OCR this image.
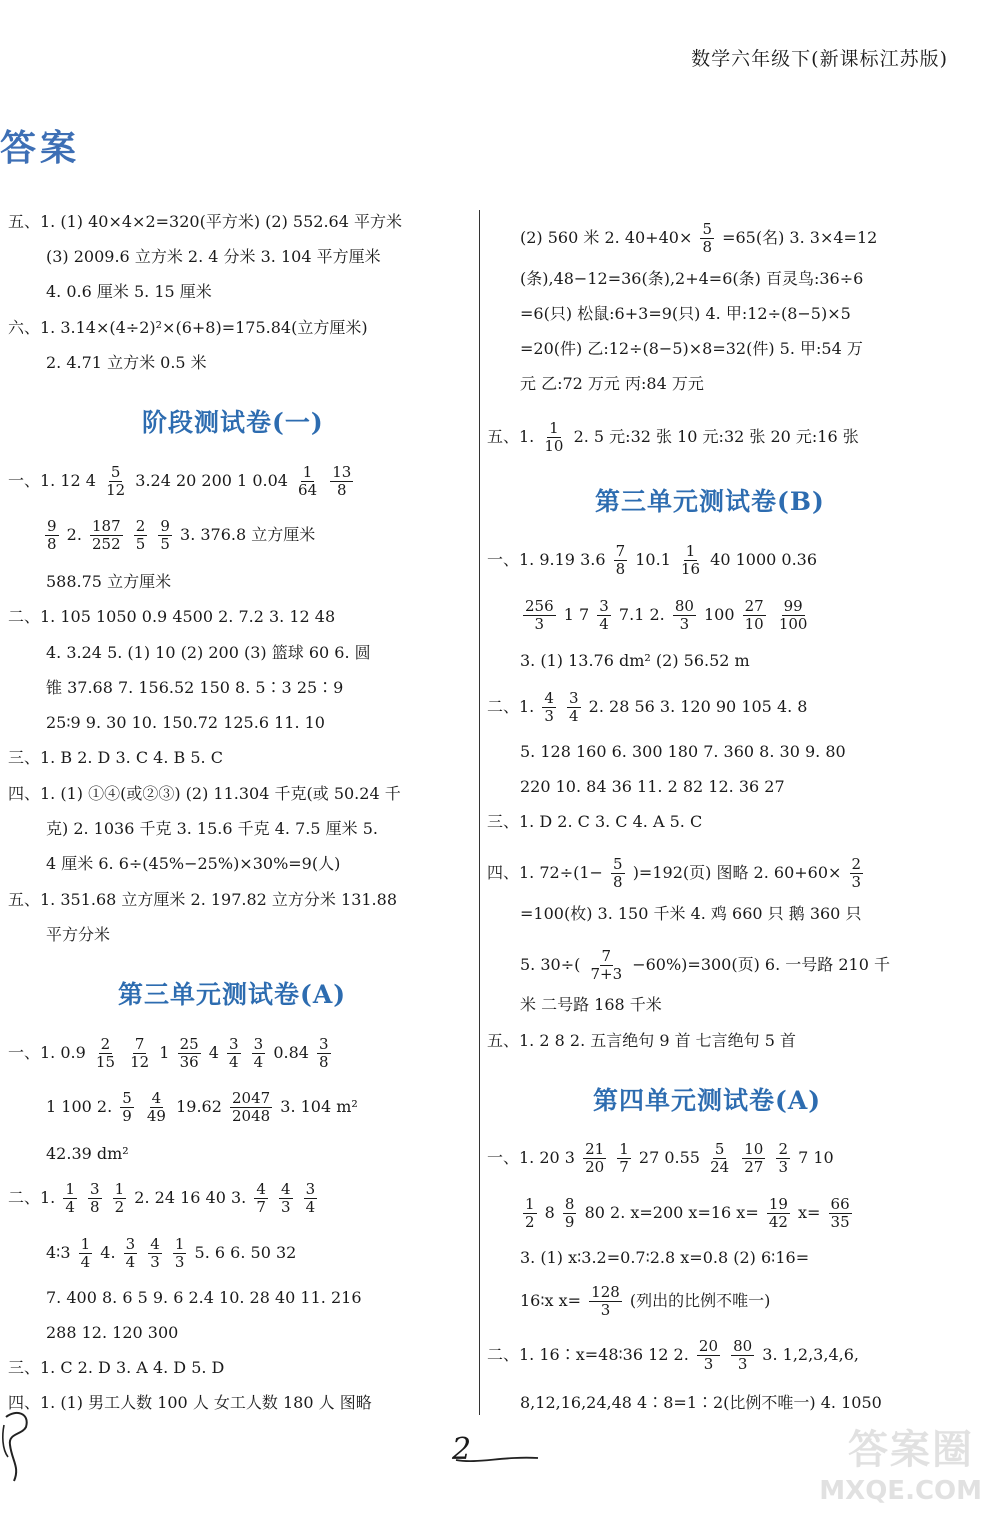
数学六年级下(新课标江苏版)
答案
五、1. (1) 40×4×2=320(平方米) (2) 552.64 平方米
(3) 2009.6 立方米 2. 4 分米 3. 104 平方厘米
4. 0.6 厘米 5. 15 厘米
六、1. 3.14×(4÷2)²×(6+8)=175.84(立方厘米)
2. 4.71 立方米 0.5 米
阶段测试卷(一)
一、1. 12 $4 \frac{5}{12} 3.24$ 20 200 1 $0.04 \frac{1}{64}$
$\frac{13}{8}$
$\frac{9}{8} 2$. $\frac{187}{252}$
$\frac{2}{5}$
$\frac{9}{5} 3$. 376.8 立方厘米
588.75 立方厘米
二、1. 105 1050 0.9 4500 2. 7.2 3. 12 48
4. 3.24 5. (1) 10 (2) 200 (3) 篮球 60 6. 圆
锥 37.68 7. 156.52 150 8. 5∶3 25∶9
25∶9 9. 30 10. 150.72 125.6 11. 10
三、1. B 2. D 3. C 4. B 5. C
四、1. (1) ①④(或②③) (2) 11.304 千克(或 50.24 千
克) 2. 1036 千克 3. 15.6 千克 4. 7.5 厘米 5.
4 厘米 6. 6÷(45%−25%)×30%=9(人)
五、1. 351.68 立方厘米 2. 197.82 立方分米 131.88
平方分米
第三单元测试卷(A)
一、1. $0.9 \frac{2}{15}$
$\frac{7}{12} 1 \frac{25}{36} 4 \frac{3}{4}$
$\frac{3}{4} 0.84 \frac{3}{8}$
1 100 2. $\frac{5}{9}$
$\frac{4}{49} 19.62 \frac{2047}{2048} 3$. 104 m²
42.39 dm²
二、1. $\frac{1}{4}$
$\frac{3}{8}$
$\frac{1}{2} 2$. 24 16 40 3. $\frac{4}{7}$
$\frac{4}{3}$
$\frac{3}{4}$
4∶3 $\frac{1}{4} 4$. $\frac{3}{4}$
$\frac{4}{3}$
$\frac{1}{3} 5$. 6 6. 50 32
7. 400 8. 6 5 9. 6 2.4 10. 28 40 11. 216
288 12. 120 300
三、1. C 2. D 3. A 4. D 5. D
四、1. (1) 男工人数 100 人 女工人数 180 人 图略
(2) 560 米 2. $40+40\times \frac{5}{8} =65$(名) 3. 3×4=12
(条),48−12=36(条),2+4=6(条) 百灵鸟:36÷6
=6(只) 松鼠:6+3=9(只) 4. 甲:12÷(8−5)×5
=20(件) 乙:12÷(8−5)×8=32(件) 5. 甲:54 万
元 乙:72 万元 丙:84 万元
五、1. $\frac{1}{10} 2$. 5 元:32 张 10 元:32 张 20 元:16 张
第三单元测试卷(B)
一、1. 9.19 $3.6 \frac{7}{8} 10.1 \frac{1}{16} 40$ 1000 0.36
$\frac{256}{3} 1$ $7 \frac{3}{4} 7.1$ 2. $\frac{80}{3} 100 \frac{27}{10}$
$\frac{99}{100}$
3. (1) 13.76 dm² (2) 56.52 m
二、1. $\frac{4}{3}$
$\frac{3}{4} 2$. 28 56 3. 120 90 105 4. 8
5. 128 160 6. 300 180 7. 360 8. 30 9. 80
220 10. 84 36 11. 2 82 12. 36 27
三、1. D 2. C 3. C 4. A 5. C
四、1. $72\div(1- \frac{5}{8} )=192$(页) 图略 2. $60+60\times \frac{2}{3}$
=100(枚) 3. 150 千米 4. 鸡 660 只 鹅 360 只
5. $30\div( \frac{7}{7+3} -60\%)=300$(页) 6. 一号路 210 千
米 二号路 168 千米
五、1. 2 8 2. 五言绝句 9 首 七言绝句 5 首
第四单元测试卷(A)
一、1. 20 $3 \frac{21}{20}$
$\frac{1}{7} 27$ $0.55 \frac{5}{24}$
$\frac{10}{27}$
$\frac{2}{3} 7$ 10
$\frac{1}{2} 8 \frac{8}{9} 80$ 2. x=200 x=16 $x= \frac{19}{42} x= \frac{66}{35}$
3. (1) x∶3.2=0.7∶2.8 x=0.8 (2) 6∶16=
16∶x $x= \frac{128}{3}$ (列出的比例不唯一)
二、1. 16∶x=48∶36 12 2. $\frac{20}{3}$
$\frac{80}{3} 3$. 1,2,3,4,6,
8,12,16,24,48 4∶8=1∶2(比例不唯一) 4. 1050
2	答案圈
MXQE.COM
